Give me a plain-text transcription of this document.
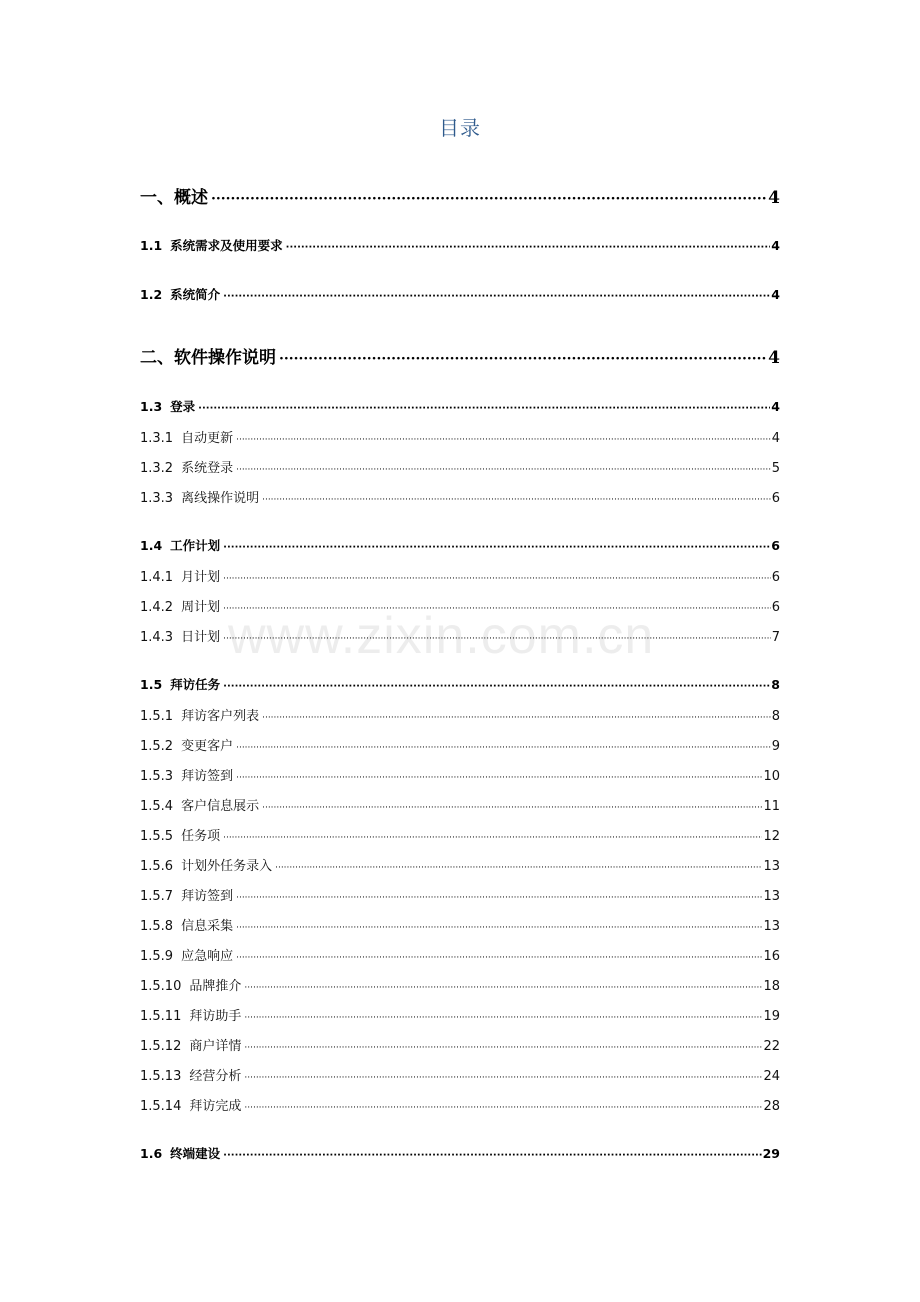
目录
www.zixin.com.cn
一、概述 ·····	4
1.1 系统需求及使用要求 ·····	4
1.2 系统简介 ·····	4
二、软件操作说明 ·····	4
1.3 登录 ·····	4
1.3.1 自动更新 ·····	4
1.3.2 系统登录 ·····	5
1.3.3 离线操作说明 ·····	6
1.4 工作计划 ·····	6
1.4.1 月计划 ·····	6
1.4.2 周计划 ·····	6
1.4.3 日计划 ·····	7
1.5 拜访任务 ·····	8
1.5.1 拜访客户列表 ·····	8
1.5.2 变更客户 ·····	9
1.5.3 拜访签到 ·····	10
1.5.4 客户信息展示 ·····	11
1.5.5 任务项 ·····	12
1.5.6 计划外任务录入 ·····	13
1.5.7 拜访签到 ·····	13
1.5.8 信息采集 ·····	13
1.5.9 应急响应 ·····	16
1.5.10 品牌推介 ·····	18
1.5.11 拜访助手 ·····	19
1.5.12 商户详情 ·····	22
1.5.13 经营分析 ·····	24
1.5.14 拜访完成 ·····	28
1.6 终端建设 ·····	29
